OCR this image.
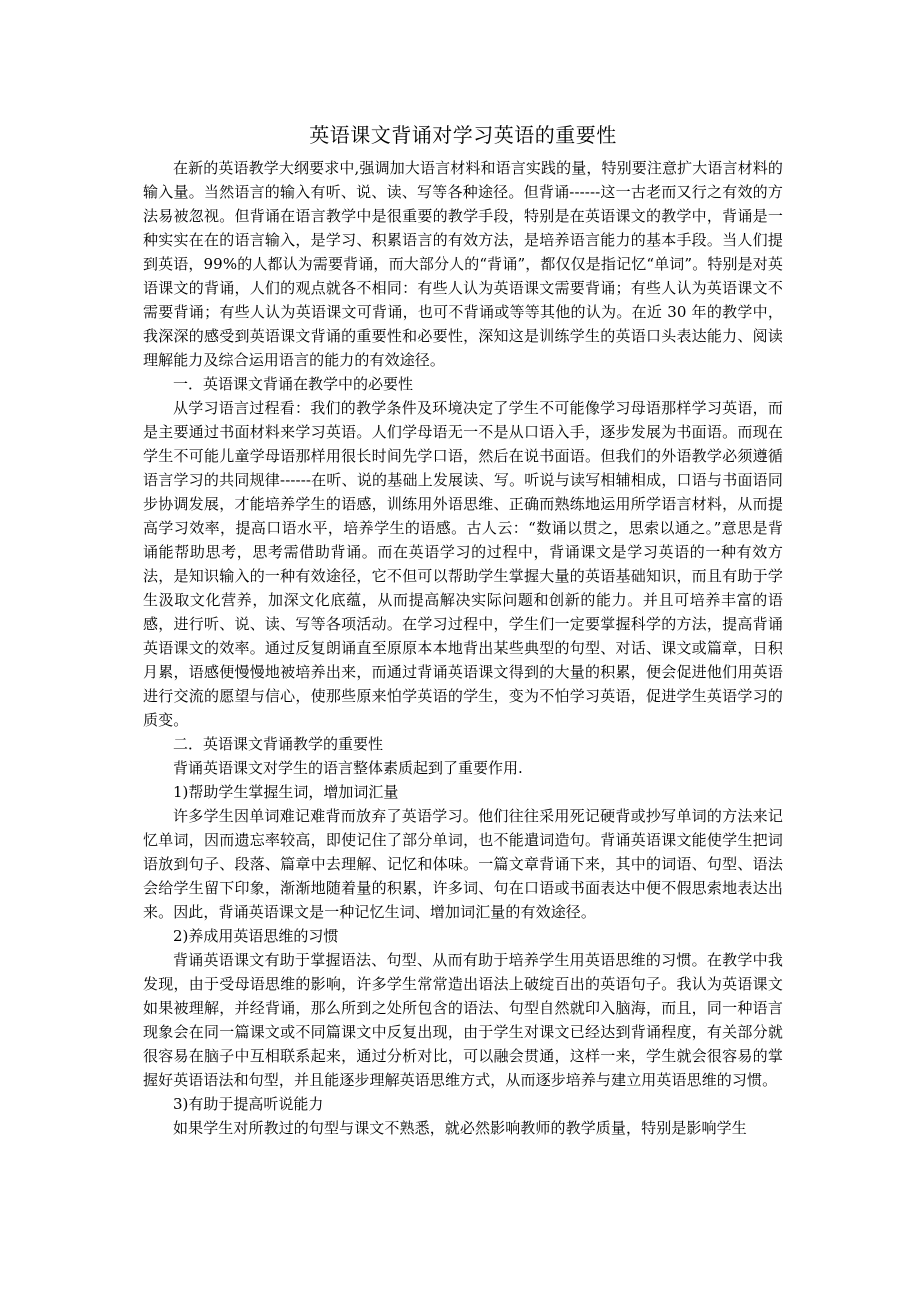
英语课文背诵对学习英语的重要性

在新的英语教学大纲要求中,强调加大语言材料和语言实践的量，特别要注意扩大语言材料的输入量。当然语言的输入有听、说、读、写等各种途径。但背诵------这一古老而又行之有效的方法易被忽视。但背诵在语言教学中是很重要的教学手段，特别是在英语课文的教学中，背诵是一种实实在在的语言输入，是学习、积累语言的有效方法，是培养语言能力的基本手段。当人们提到英语，99%的人都认为需要背诵，而大部分人的“背诵”，都仅仅是指记忆“单词”。特别是对英语课文的背诵，人们的观点就各不相同：有些人认为英语课文需要背诵；有些人认为英语课文不需要背诵；有些人认为英语课文可背诵，也可不背诵或等等其他的认为。在近 30 年的教学中，我深深的感受到英语课文背诵的重要性和必要性，深知这是训练学生的英语口头表达能力、阅读理解能力及综合运用语言的能力的有效途径。

一．英语课文背诵在教学中的必要性

从学习语言过程看：我们的教学条件及环境决定了学生不可能像学习母语那样学习英语，而是主要通过书面材料来学习英语。人们学母语无一不是从口语入手，逐步发展为书面语。而现在学生不可能儿童学母语那样用很长时间先学口语，然后在说书面语。但我们的外语教学必须遵循语言学习的共同规律------在听、说的基础上发展读、写。听说与读写相辅相成，口语与书面语同步协调发展，才能培养学生的语感，训练用外语思维、正确而熟练地运用所学语言材料，从而提高学习效率，提高口语水平，培养学生的语感。古人云：“数诵以贯之，思索以通之。”意思是背诵能帮助思考，思考需借助背诵。而在英语学习的过程中，背诵课文是学习英语的一种有效方法，是知识输入的一种有效途径，它不但可以帮助学生掌握大量的英语基础知识，而且有助于学生汲取文化营养，加深文化底蕴，从而提高解决实际问题和创新的能力。并且可培养丰富的语感，进行听、说、读、写等各项活动。在学习过程中，学生们一定要掌握科学的方法，提高背诵英语课文的效率。通过反复朗诵直至原原本本地背出某些典型的句型、对话、课文或篇章，日积月累，语感便慢慢地被培养出来，而通过背诵英语课文得到的大量的积累，便会促进他们用英语进行交流的愿望与信心，使那些原来怕学英语的学生，变为不怕学习英语，促进学生英语学习的质变。

二．英语课文背诵教学的重要性

背诵英语课文对学生的语言整体素质起到了重要作用.

1)帮助学生掌握生词，增加词汇量

许多学生因单词难记难背而放弃了英语学习。他们往往采用死记硬背或抄写单词的方法来记忆单词，因而遗忘率较高，即使记住了部分单词，也不能遣词造句。背诵英语课文能使学生把词语放到句子、段落、篇章中去理解、记忆和体味。一篇文章背诵下来，其中的词语、句型、语法会给学生留下印象，渐渐地随着量的积累，许多词、句在口语或书面表达中便不假思索地表达出来。因此，背诵英语课文是一种记忆生词、增加词汇量的有效途径。

2)养成用英语思维的习惯

背诵英语课文有助于掌握语法、句型、从而有助于培养学生用英语思维的习惯。在教学中我发现，由于受母语思维的影响，许多学生常常造出语法上破绽百出的英语句子。我认为英语课文如果被理解，并经背诵，那么所到之处所包含的语法、句型自然就印入脑海，而且，同一种语言现象会在同一篇课文或不同篇课文中反复出现，由于学生对课文已经达到背诵程度，有关部分就很容易在脑子中互相联系起来，通过分析对比，可以融会贯通，这样一来，学生就会很容易的掌握好英语语法和句型，并且能逐步理解英语思维方式，从而逐步培养与建立用英语思维的习惯。

3)有助于提高听说能力

如果学生对所教过的句型与课文不熟悉，就必然影响教师的教学质量，特别是影响学生
